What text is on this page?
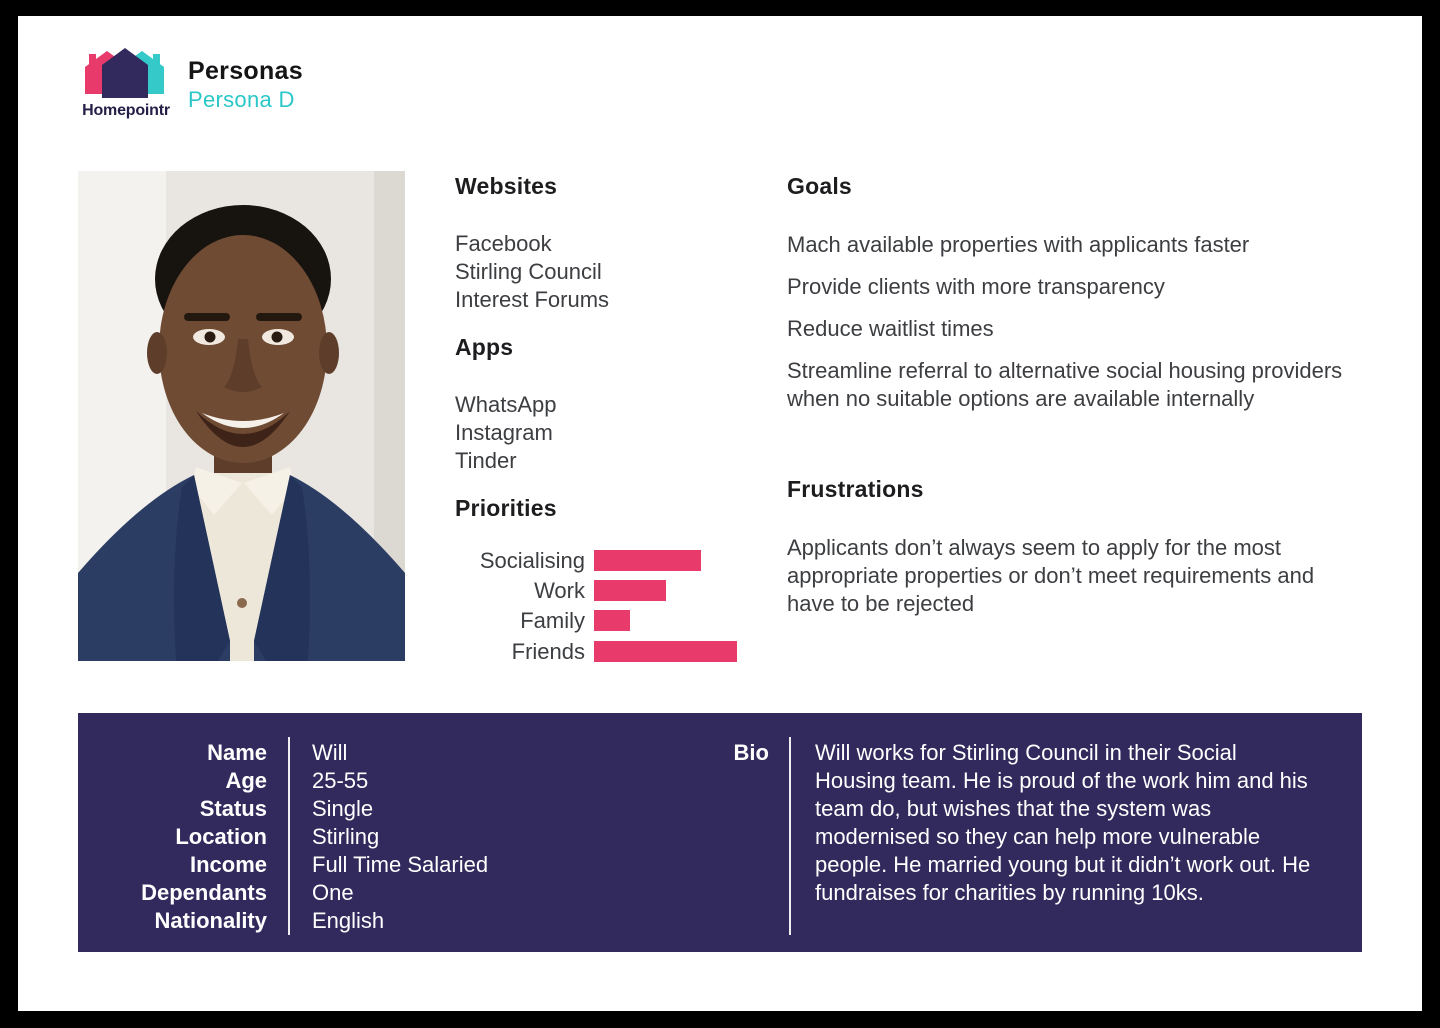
Homepointr
Personas
Persona D
Websites
Facebook
Stirling Council
Interest Forums
Apps
WhatsApp
Instagram
Tinder
Priorities
Socialising
Work
Family
Friends
Goals
Mach available properties with applicants faster
Provide clients with more transparency
Reduce waitlist times
Streamline referral to alternative social housing providers when no suitable options are available internally
Frustrations
Applicants don’t always seem to apply for the most appropriate properties or don’t meet requirements and have to be rejected
Name
Age
Status
Location
Income
Dependants
Nationality
Will
25-55
Single
Stirling
Full Time Salaried
One
English
Bio Will works for Stirling Council in their Social Housing team. He is proud of the work him and his team do, but wishes that the system was modernised so they can help more vulnerable people. He married young but it didn’t work out. He fundraises for charities by running 10ks.
